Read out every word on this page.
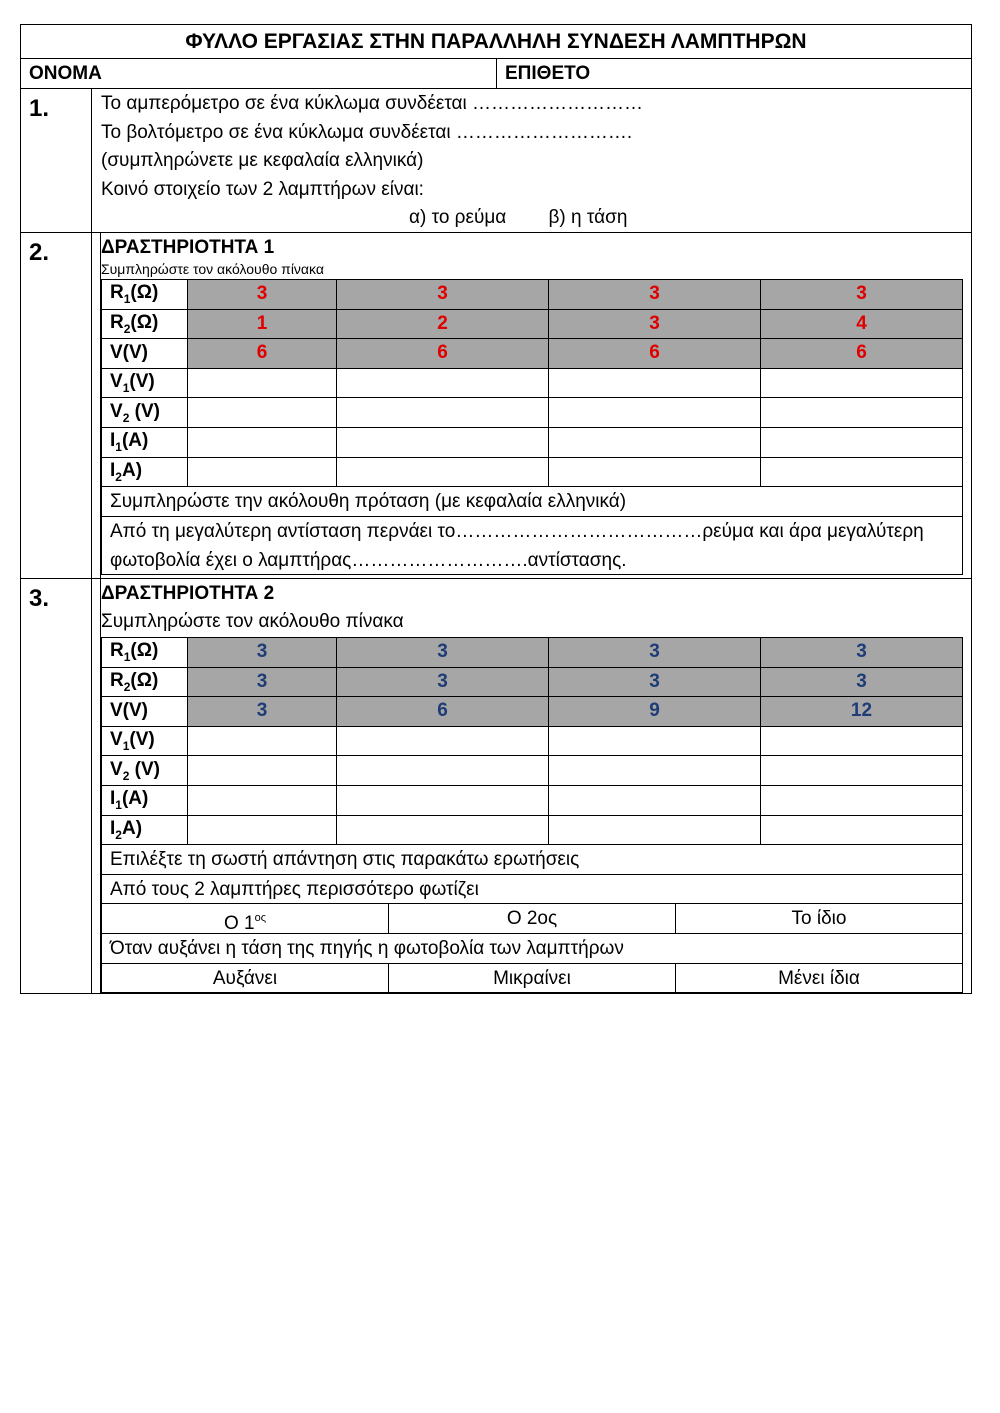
ΦΥΛΛΟ ΕΡΓΑΣΙΑΣ ΣΤΗΝ ΠΑΡΑΛΛΗΛΗ ΣΥΝΔΕΣΗ ΛΑΜΠΤΗΡΩΝ
ΟΝΟΜΑ	ΕΠΙΘΕΤΟ
1.	Το αμπερόμετρο σε ένα κύκλωμα συνδέεται ………………………
Το βολτόμετρο σε ένα κύκλωμα συνδέεται ……………………….
(συμπληρώνετε με κεφαλαία ελληνικά)
Κοινό στοιχείο των 2 λαμπτήρων είναι:
α) το ρεύμα        β) η τάση
2.	ΔΡΑΣΤΗΡΙΟΤΗΤΑ 1
Συμπληρώστε τον ακόλουθο πίνακα
$R_1(\Omega)$	3	3	3	3
$R_2(\Omega)$	1	2	3	4
V(V)	6	6	6	6
$V_1(V)$				
$V_2$ (V)				
$I_1(A)$				
$I_2A$)				
Συμπληρώστε την ακόλουθη πρόταση (με κεφαλαία ελληνικά)
Από τη μεγαλύτερη αντίσταση περνάει το…………………………………ρεύμα και άρα μεγαλύτερη φωτοβολία έχει ο λαμπτήρας……………………….αντίστασης.
3.	ΔΡΑΣΤΗΡΙΟΤΗΤΑ 2
Συμπληρώστε τον ακόλουθο πίνακα
$R_1(\Omega)$	3	3	3	3
$R_2(\Omega)$	3	3	3	3
V(V)	3	6	9	12
$V_1(V)$				
$V_2$ (V)				
$I_1(A)$				
$I_2A$)				
Επιλέξτε τη σωστή απάντηση στις παρακάτω ερωτήσεις
Από τους 2 λαμπτήρες περισσότερο φωτίζει
Ο $1^{o\varsigma}$	Ο 2ος	Το ίδιο
Όταν αυξάνει η τάση της πηγής η φωτοβολία των λαμπτήρων
Αυξάνει	Μικραίνει	Μένει ίδια
